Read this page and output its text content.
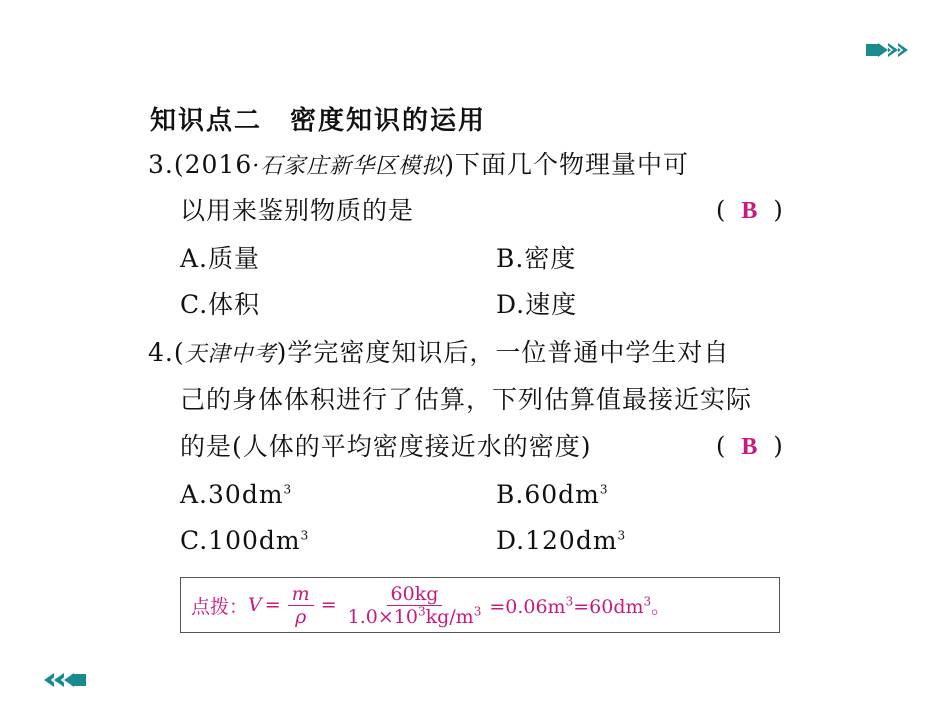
知识点二　密度知识的运用
3.(2016·石家庄新华区模拟)下面几个物理量中可
以用来鉴别物质的是	( B )
A.质量	B.密度
C.体积	D.速度
4.(天津中考)学完密度知识后，一位普通中学生对自
己的身体体积进行了估算，下列估算值最接近实际
的是(人体的平均密度接近水的密度)	( B )
$A.30dm^3$	$B.60dm^3$
$C.100dm^3$	$D.120dm^3$
点拨： $V = \frac{m}{\rho} = \frac{60kg}{1.0\times 10^3kg/m^3} =0.06m^3=60dm^3$。
